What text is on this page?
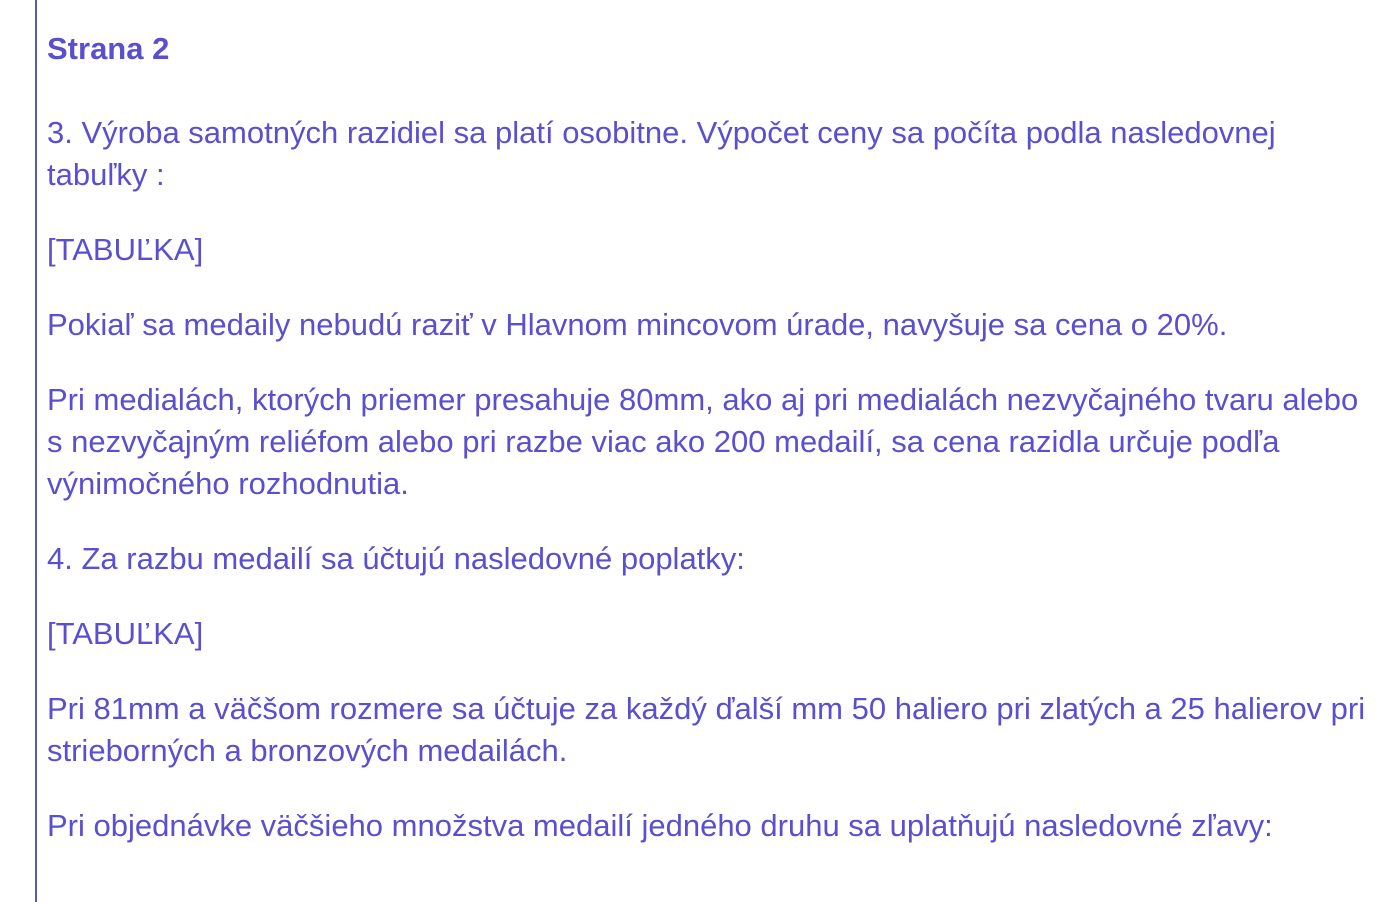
Strana 2

3. Výroba samotných razidiel sa platí osobitne. Výpočet ceny sa počíta podla nasledovnej tabuľky :

[TABUĽKA]

Pokiaľ sa medaily nebudú raziť v Hlavnom mincovom úrade, navyšuje sa cena o 20%.

Pri medialách, ktorých priemer presahuje 80mm, ako aj pri medialách nezvyčajného tvaru alebo s nezvyčajným reliéfom alebo pri razbe viac ako 200 medailí, sa cena razidla určuje podľa výnimočného rozhodnutia.

4. Za razbu medailí sa účtujú nasledovné poplatky:

[TABUĽKA]

Pri 81mm a väčšom rozmere sa účtuje za každý ďalší mm 50 haliero pri zlatých a 25 halierov pri strieborných a bronzových medailách.

Pri objednávke väčšieho množstva medailí jedného druhu sa uplatňujú nasledovné zľavy:
